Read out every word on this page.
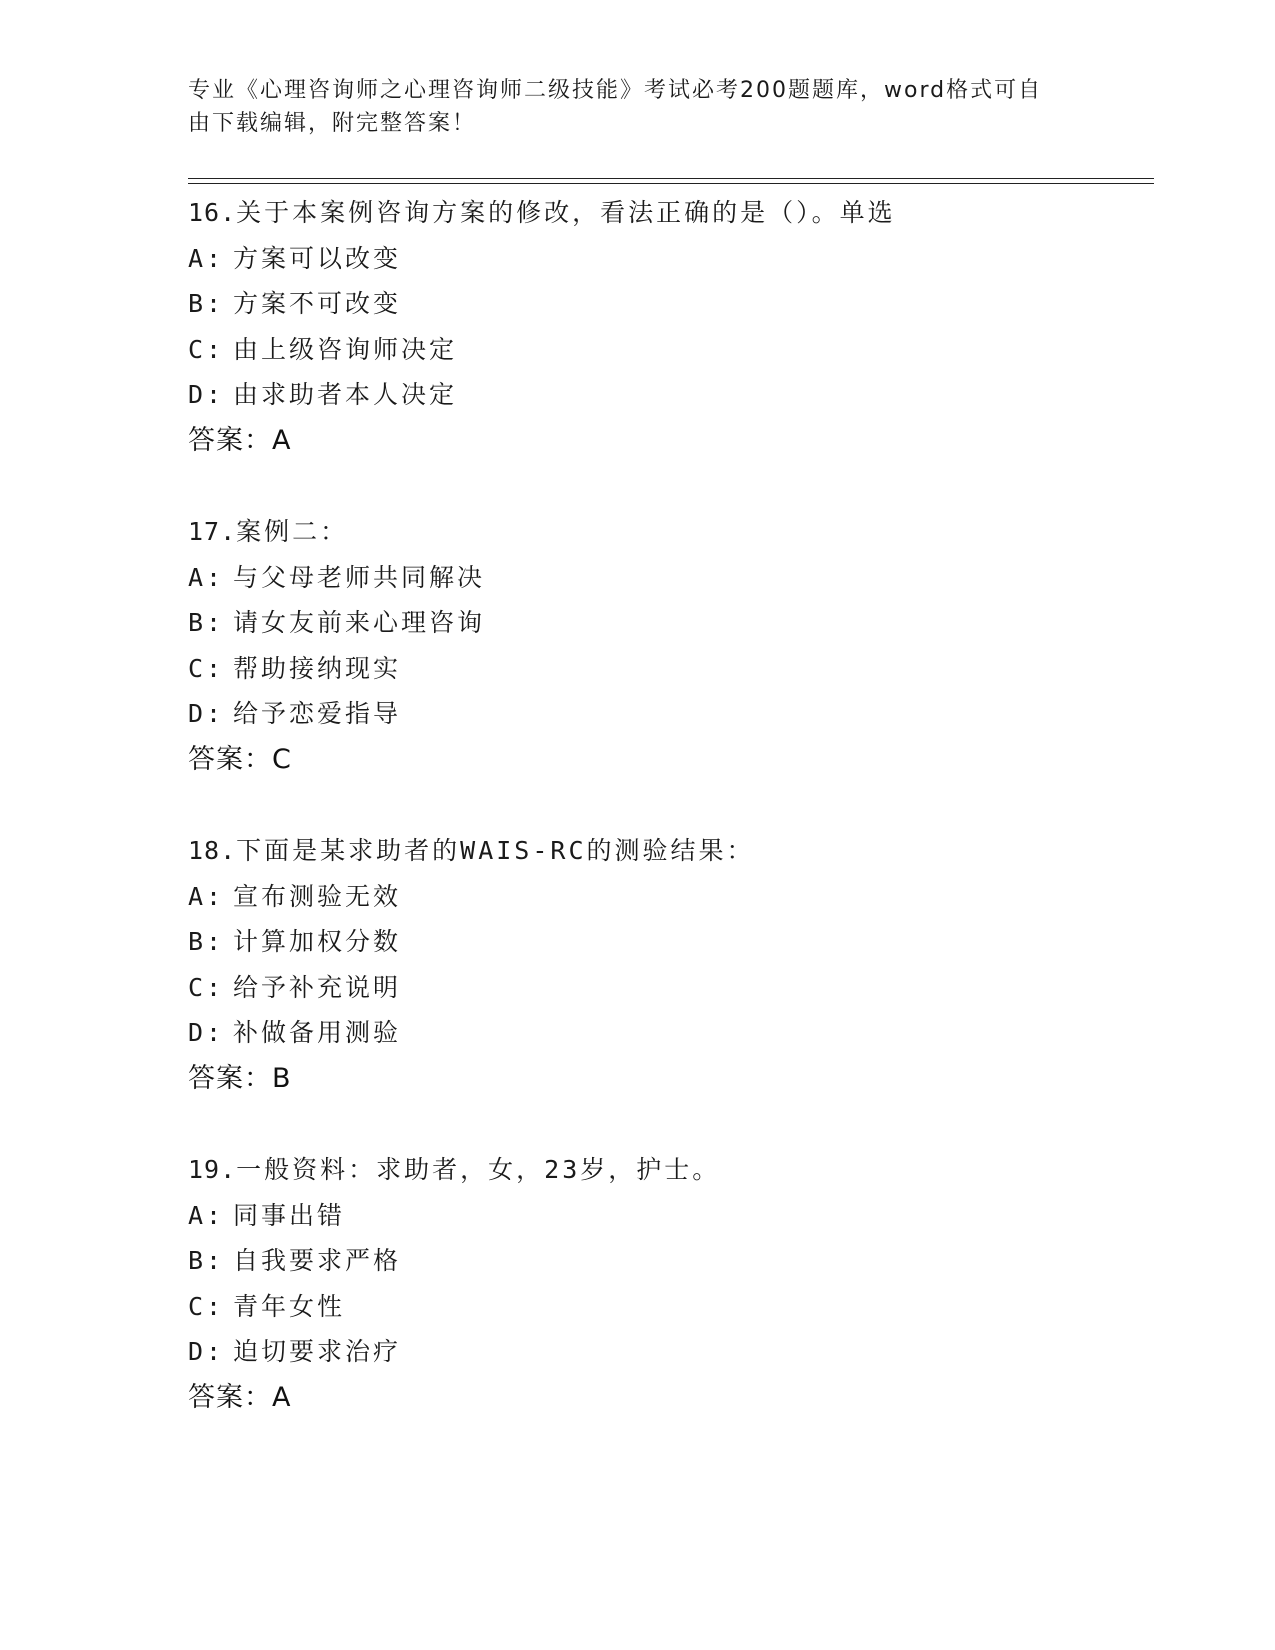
专业《心理咨询师之心理咨询师二级技能》考试必考200题题库，word格式可自

由下载编辑，附完整答案！

16. 关于本案例咨询方案的修改，看法正确的是（）。单选
A: 方案可以改变
B: 方案不可改变
C: 由上级咨询师决定
D: 由求助者本人决定
答案：A
17. 案例二：
A: 与父母老师共同解决
B: 请女友前来心理咨询
C: 帮助接纳现实
D: 给予恋爱指导
答案：C
18. 下面是某求助者的WAIS-RC的测验结果：
A: 宣布测验无效
B: 计算加权分数
C: 给予补充说明
D: 补做备用测验
答案：B
19. 一般资料：求助者，女，23岁，护士。
A: 同事出错
B: 自我要求严格
C: 青年女性
D: 迫切要求治疗
答案：A
